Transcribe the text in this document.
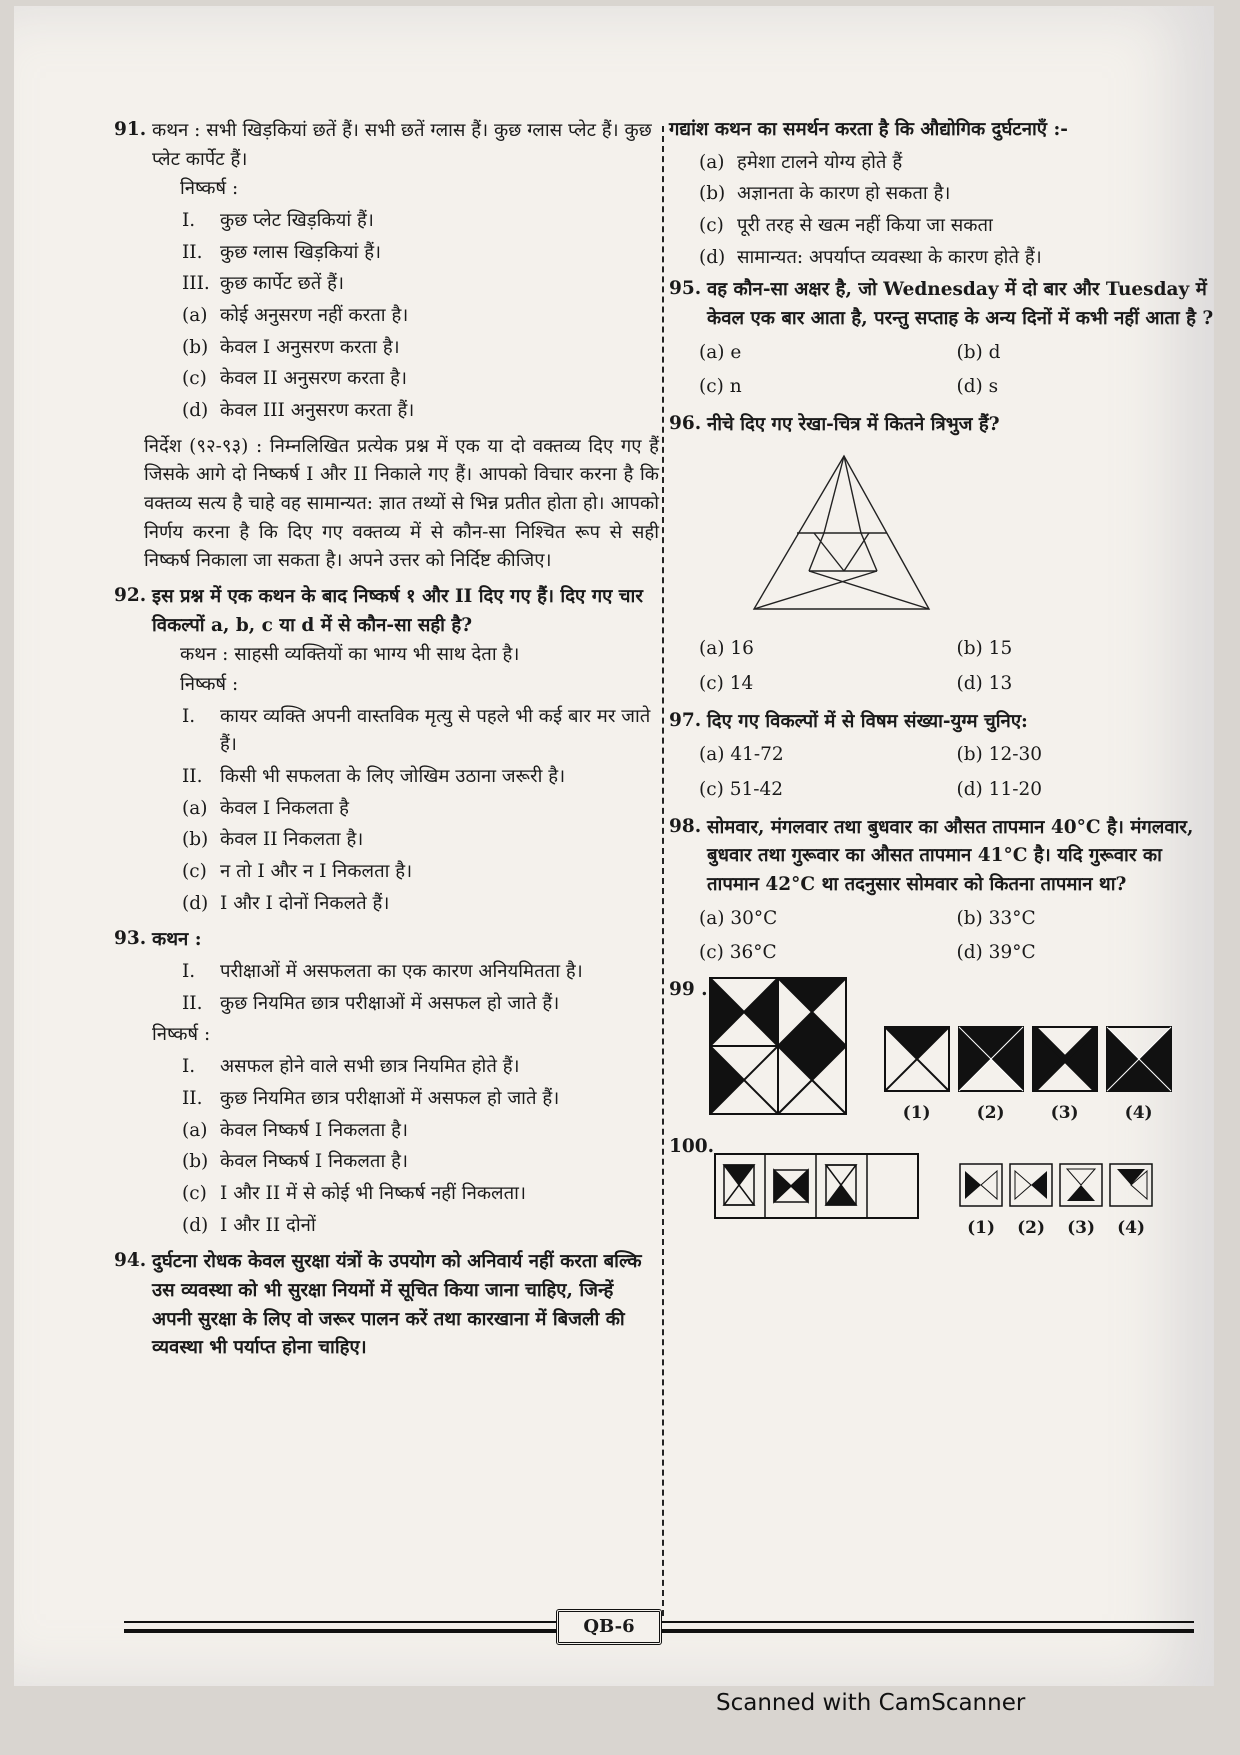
91. कथन : सभी खिड़कियां छतें हैं। सभी छतें ग्लास हैं। कुछ ग्लास प्लेट हैं। कुछ प्लेट कार्पेट हैं।
निष्कर्ष :
I.	कुछ प्लेट खिड़कियां हैं।
II. कुछ ग्लास खिड़कियां हैं।
III. कुछ कार्पेट छतें हैं।
(a) कोई अनुसरण नहीं करता है।
(b) केवल I अनुसरण करता है।
(c) केवल II अनुसरण करता है।
(d) केवल III अनुसरण करता हैं।
निर्देश (९२-९३) : निम्नलिखित प्रत्येक प्रश्न में एक या दो वक्तव्य दिए गए हैं जिसके आगे दो निष्कर्ष I और II निकाले गए हैं। आपको विचार करना है कि वक्तव्य सत्य है चाहे वह सामान्यत: ज्ञात तथ्यों से भिन्न प्रतीत होता हो। आपको निर्णय करना है कि दिए गए वक्तव्य में से कौन-सा निश्चित रूप से सही निष्कर्ष निकाला जा सकता है। अपने उत्तर को निर्दिष्ट कीजिए।
92. इस प्रश्न में एक कथन के बाद निष्कर्ष १ और II दिए गए हैं। दिए गए चार विकल्पों a, b, c या d में से कौन-सा सही है?
कथन : साहसी व्यक्तियों का भाग्य भी साथ देता है।
निष्कर्ष :
I.	कायर व्यक्ति अपनी वास्तविक मृत्यु से पहले भी कई बार मर जाते हैं।
II. किसी भी सफलता के लिए जोखिम उठाना जरूरी है।
(a) केवल I निकलता है
(b) केवल II निकलता है।
(c) न तो I और न I निकलता है।
(d) I और I दोनों निकलते हैं।
93. कथन :
I.	परीक्षाओं में असफलता का एक कारण अनियमितता है।
II. कुछ नियमित छात्र परीक्षाओं में असफल हो जाते हैं।
निष्कर्ष :
I.	असफल होने वाले सभी छात्र नियमित होते हैं।
II. कुछ नियमित छात्र परीक्षाओं में असफल हो जाते हैं।
(a) केवल निष्कर्ष I निकलता है।
(b) केवल निष्कर्ष I निकलता है।
(c) I और II में से कोई भी निष्कर्ष नहीं निकलता।
(d) I और II दोनों
94. दुर्घटना रोधक केवल सुरक्षा यंत्रों के उपयोग को अनिवार्य नहीं करता बल्कि उस व्यवस्था को भी सुरक्षा नियमों में सूचित किया जाना चाहिए, जिन्हें अपनी सुरक्षा के लिए वो जरूर पालन करें तथा कारखाना में बिजली की व्यवस्था भी पर्याप्त होना चाहिए।
गद्यांश कथन का समर्थन करता है कि औद्योगिक दुर्घटनाएँ :-
(a) हमेशा टालने योग्य होते हैं
(b) अज्ञानता के कारण हो सकता है।
(c) पूरी तरह से खत्म नहीं किया जा सकता
(d) सामान्यत: अपर्याप्त व्यवस्था के कारण होते हैं।
95. वह कौन-सा अक्षर है, जो Wednesday में दो बार और Tuesday में केवल एक बार आता है, परन्तु सप्ताह के अन्य दिनों में कभी नहीं आता है ?
(a) e	(b) d
(c) n	(d) s
96. नीचे दिए गए रेखा-चित्र में कितने त्रिभुज हैं?
(a) 16	(b) 15
(c) 14	(d) 13
97. दिए गए विकल्पों में से विषम संख्या-युग्म चुनिए:
(a) 41-72	(b) 12-30
(c) 51-42	(d) 11-20
98. सोमवार, मंगलवार तथा बुधवार का औसत तापमान 40°C है। मंगलवार, बुधवार तथा गुरूवार का औसत तापमान 41°C है। यदि गुरूवार का तापमान 42°C था तदनुसार सोमवार को कितना तापमान था?
(a) 30°C	(b) 33°C
(c) 36°C	(d) 39°C
99 .
(1)	(2)	(3)	(4)
100.
(1)	(2)	(3)	(4)
QB-6
Scanned with CamScanner
